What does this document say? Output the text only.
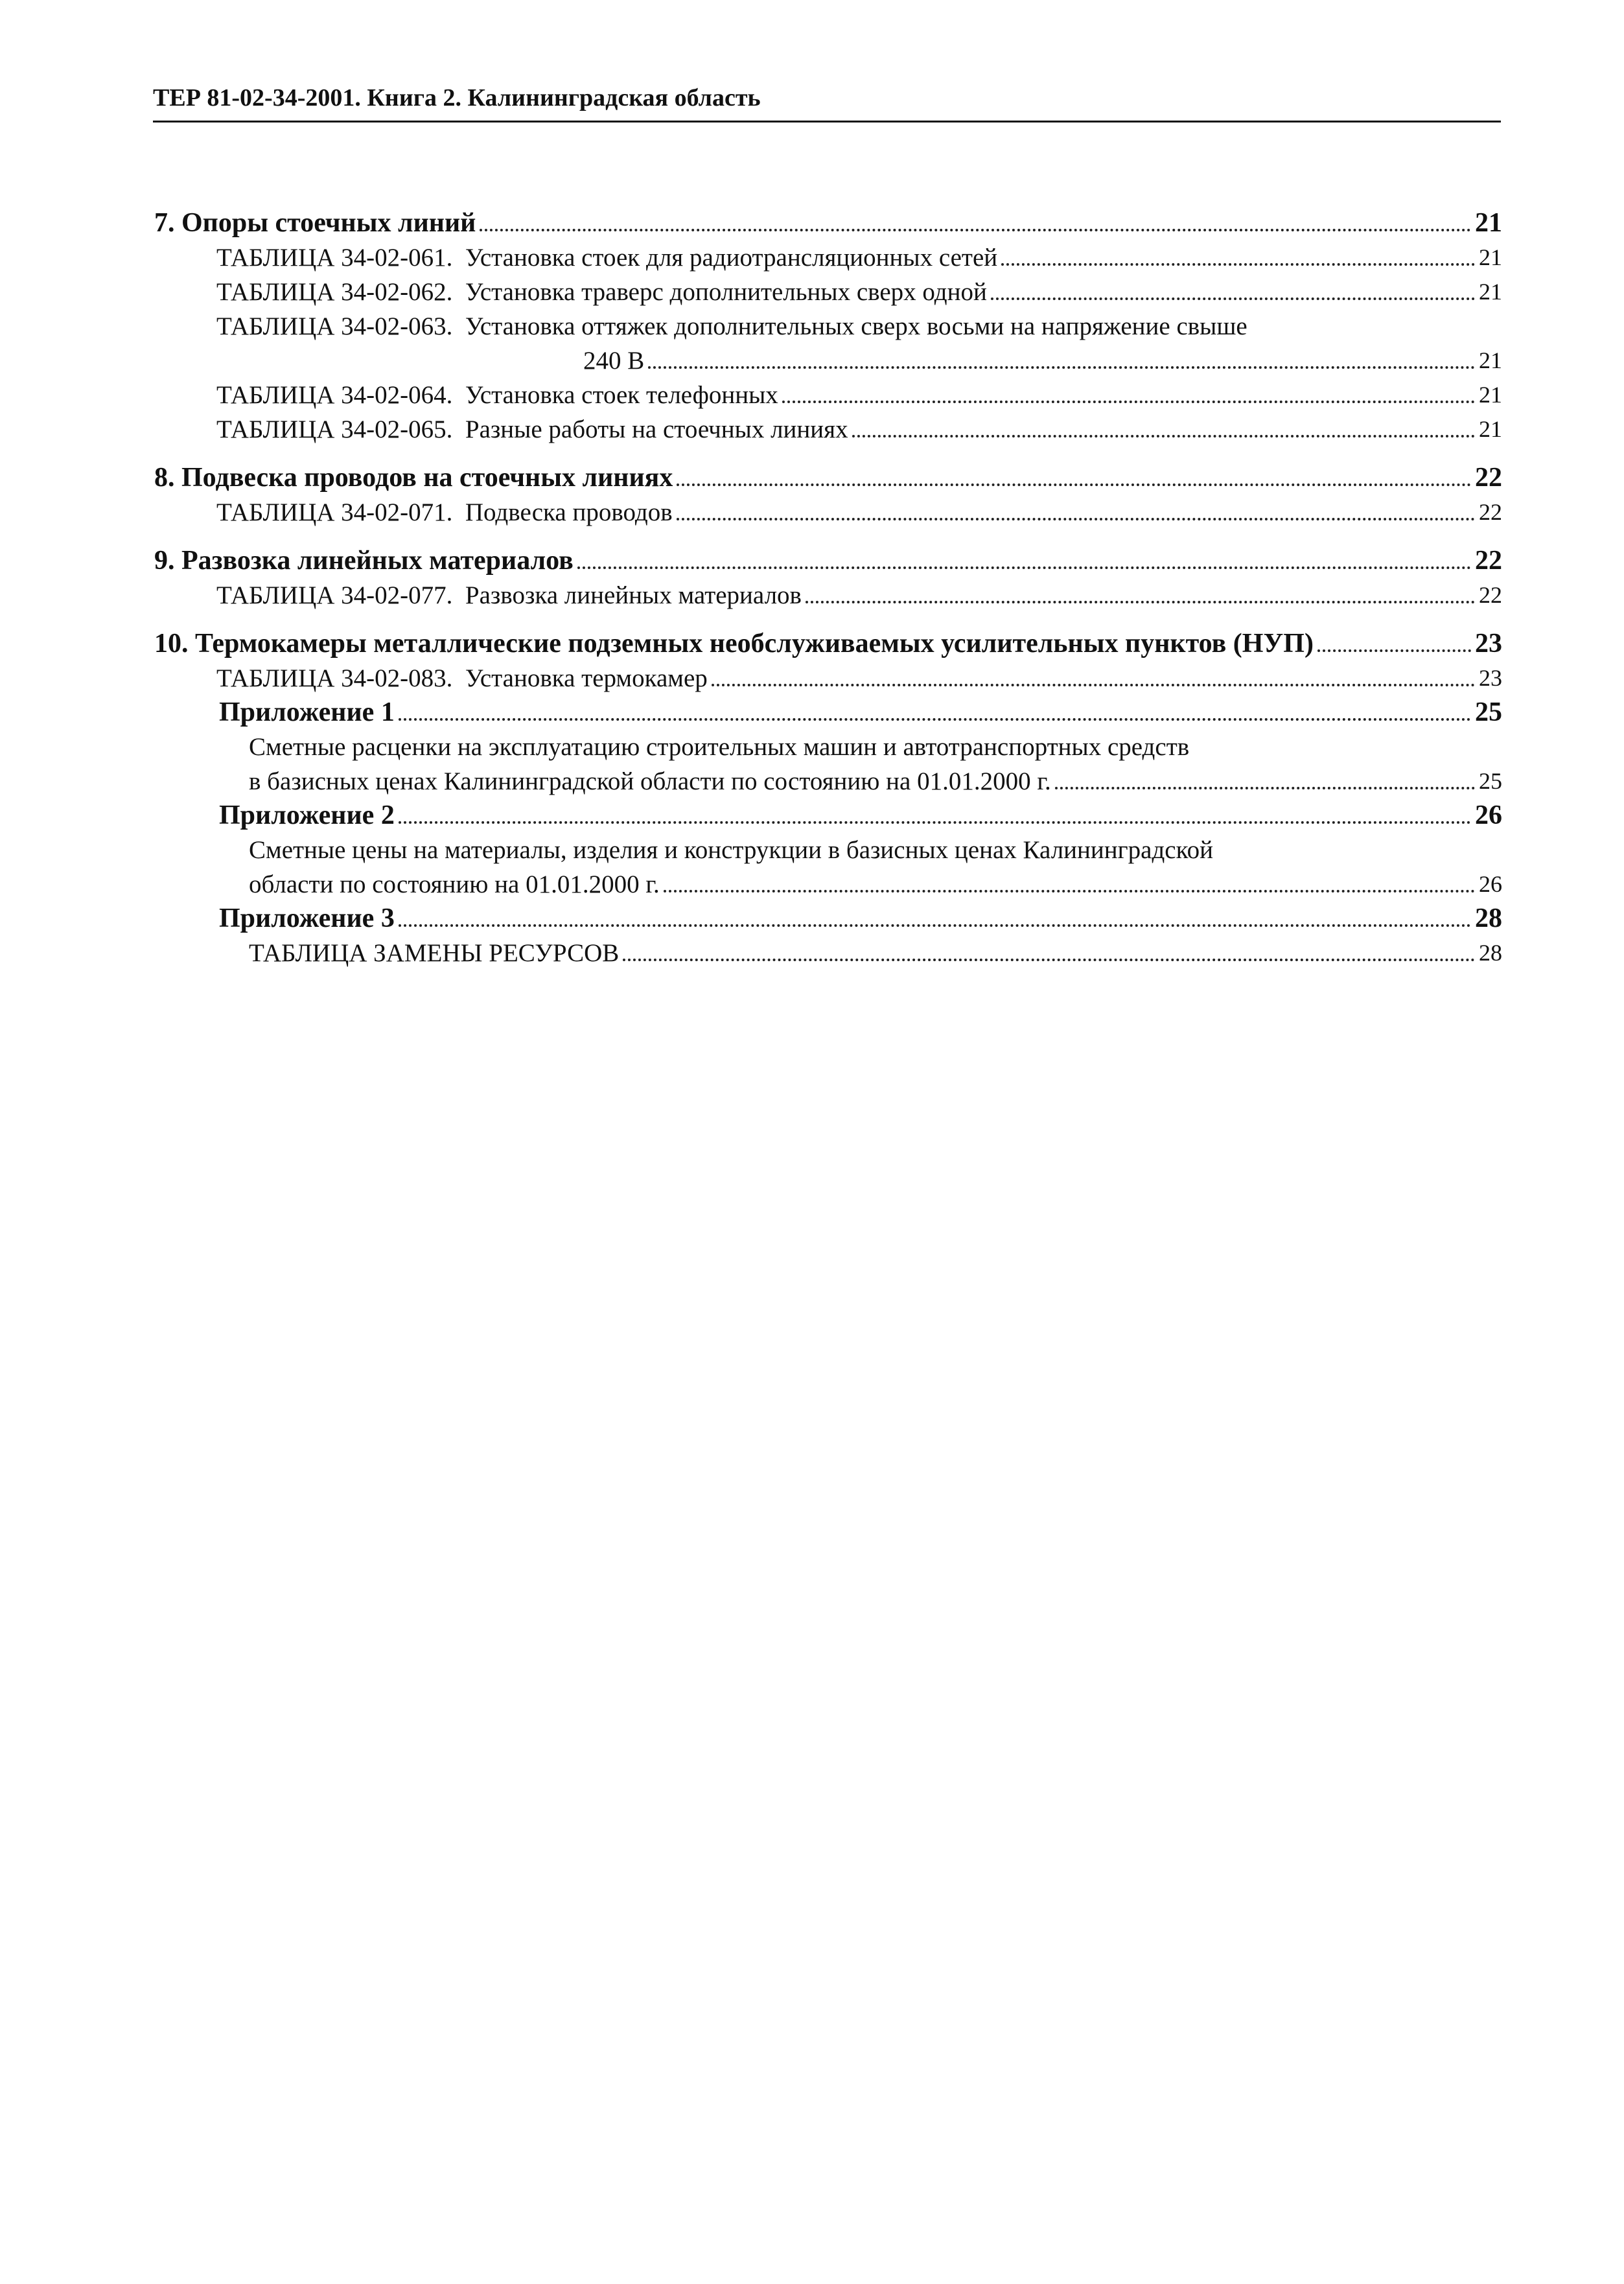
ТЕР 81-02-34-2001. Книга 2. Калининградская область
7. Опоры стоечных линий	21
ТАБЛИЦА 34-02-061. Установка стоек для радиотрансляционных сетей	21
ТАБЛИЦА 34-02-062. Установка траверс дополнительных сверх одной	21
ТАБЛИЦА 34-02-063. Установка оттяжек дополнительных сверх восьми на напряжение свыше
240 В	21
ТАБЛИЦА 34-02-064. Установка стоек телефонных	21
ТАБЛИЦА 34-02-065. Разные работы на стоечных линиях	21
8. Подвеска проводов на стоечных линиях	22
ТАБЛИЦА 34-02-071. Подвеска проводов	22
9. Развозка линейных материалов	22
ТАБЛИЦА 34-02-077. Развозка линейных материалов	22
10. Термокамеры металлические подземных необслуживаемых усилительных пунктов (НУП)	23
ТАБЛИЦА 34-02-083. Установка термокамер	23
Приложение 1	25
Сметные расценки на эксплуатацию строительных машин и автотранспортных средств
в базисных ценах Калининградской области по состоянию на 01.01.2000 г.	25
Приложение 2	26
Сметные цены на материалы, изделия и конструкции в базисных ценах Калининградской
области по состоянию на 01.01.2000 г.	26
Приложение 3	28
ТАБЛИЦА ЗАМЕНЫ РЕСУРСОВ	28
